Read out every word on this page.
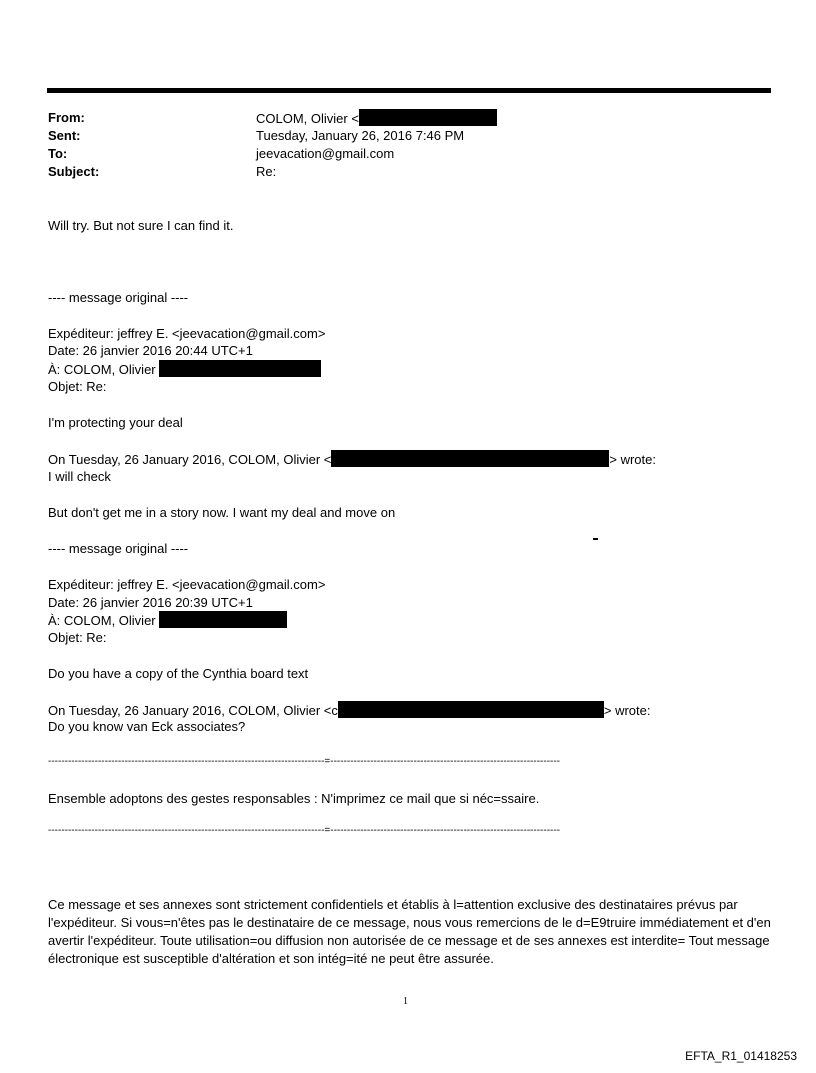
From:	COLOM, Olivier <
Sent:	Tuesday, January 26, 2016 7:46 PM
To:	jeevacation@gmail.com
Subject:	Re:
Will try. But not sure I can find it.
---- message original ----
Expéditeur: jeffrey E. <jeevacation@gmail.com>
Date: 26 janvier 2016 20:44 UTC+1
À: COLOM, Olivier
Objet: Re:
I'm protecting your deal
On Tuesday, 26 January 2016, COLOM, Olivier <	> wrote:
I will check
But don't get me in a story now. I want my deal and move on
---- message original ----
Expéditeur: jeffrey E. <jeevacation@gmail.com>
Date: 26 janvier 2016 20:39 UTC+1
À: COLOM, Olivier
Objet: Re:
Do you have a copy of the Cynthia board text
On Tuesday, 26 January 2016, COLOM, Olivier <c	> wrote:
Do you know van Eck associates?
-----------------------------------------------------------------------------------=---------------------------------------------------------------------
Ensemble adoptons des gestes responsables : N'imprimez ce mail que si néc=ssaire.
-----------------------------------------------------------------------------------=---------------------------------------------------------------------
Ce message et ses annexes sont strictement confidentiels et établis à l=attention exclusive des destinataires prévus par l'expéditeur. Si vous=n'êtes pas le destinataire de ce message, nous vous remercions de le d=E9truire immédiatement et d'en avertir l'expéditeur. Toute utilisation=ou diffusion non autorisée de ce message et de ses annexes est interdite= Tout message électronique est susceptible d'altération et son intég=ité ne peut être assurée.
1
EFTA_R1_01418253
